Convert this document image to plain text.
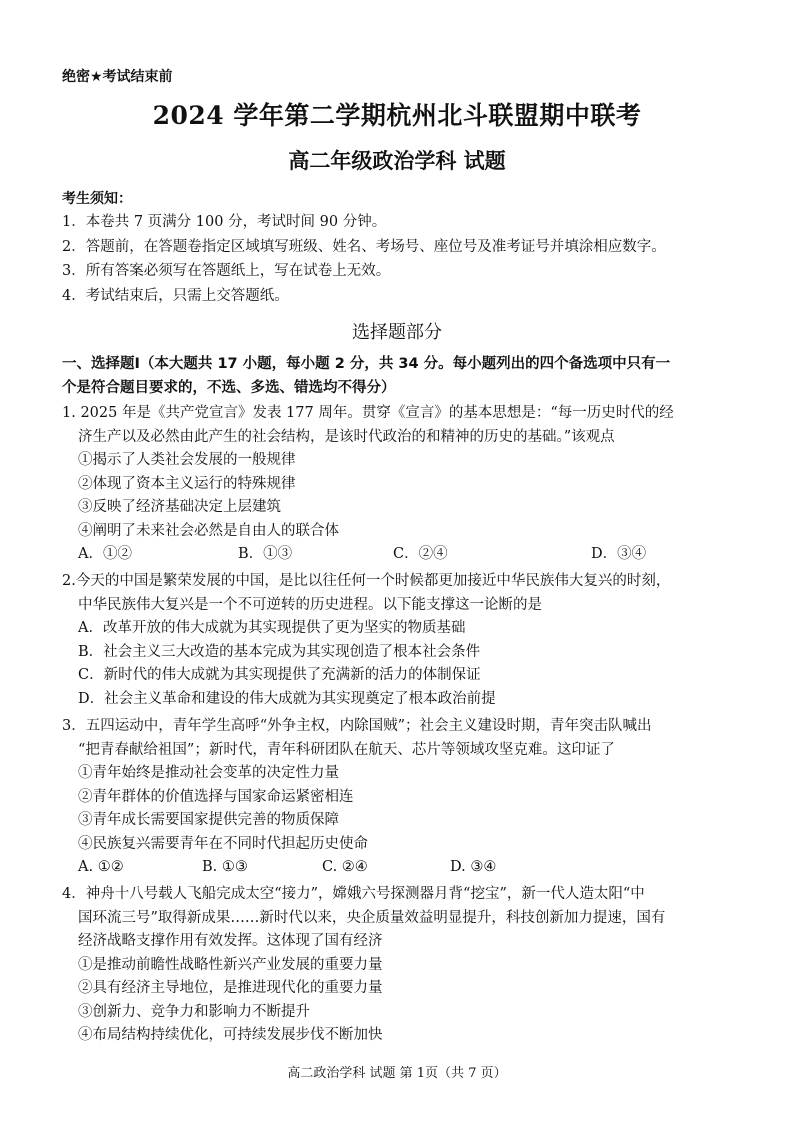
绝密★考试结束前
2024 学年第二学期杭州北斗联盟期中联考
高二年级政治学科 试题
考生须知：
1．本卷共 7 页满分 100 分，考试时间 90 分钟。
2．答题前，在答题卷指定区域填写班级、姓名、考场号、座位号及准考证号并填涂相应数字。
3．所有答案必须写在答题纸上，写在试卷上无效。
4．考试结束后，只需上交答题纸。
选择题部分
一、选择题Ⅰ（本大题共 17 小题，每小题 2 分，共 34 分。每小题列出的四个备选项中只有一
个是符合题目要求的，不选、多选、错选均不得分）
1. 2025 年是《共产党宣言》发表 177 周年。贯穿《宣言》的基本思想是：“每一历史时代的经
济生产以及必然由此产生的社会结构，是该时代政治的和精神的历史的基础。”该观点
①揭示了人类社会发展的一般规律
②体现了资本主义运行的特殊规律
③反映了经济基础决定上层建筑
④阐明了未来社会必然是自由人的联合体
A．①②	B．①③	C．②④	D．③④
2.今天的中国是繁荣发展的中国，是比以往任何一个时候都更加接近中华民族伟大复兴的时刻，
中华民族伟大复兴是一个不可逆转的历史进程。以下能支撑这一论断的是
A．改革开放的伟大成就为其实现提供了更为坚实的物质基础
B．社会主义三大改造的基本完成为其实现创造了根本社会条件
C．新时代的伟大成就为其实现提供了充满新的活力的体制保证
D．社会主义革命和建设的伟大成就为其实现奠定了根本政治前提
3．五四运动中，青年学生高呼“外争主权，内除国贼”；社会主义建设时期，青年突击队喊出
“把青春献给祖国”；新时代，青年科研团队在航天、芯片等领域攻坚克难。这印证了
①青年始终是推动社会变革的决定性力量
②青年群体的价值选择与国家命运紧密相连
③青年成长需要国家提供完善的物质保障
④民族复兴需要青年在不同时代担起历史使命
A. ①②	B. ①③	C. ②④	D. ③④
4．神舟十八号载人飞船完成太空“接力”，嫦娥六号探测器月背“挖宝”，新一代人造太阳“中
国环流三号”取得新成果……新时代以来，央企质量效益明显提升，科技创新加力提速，国有
经济战略支撑作用有效发挥。这体现了国有经济
①是推动前瞻性战略性新兴产业发展的重要力量
②具有经济主导地位，是推进现代化的重要力量
③创新力、竞争力和影响力不断提升
④布局结构持续优化，可持续发展步伐不断加快
高二政治学科 试题 第 1页（共 7 页）
